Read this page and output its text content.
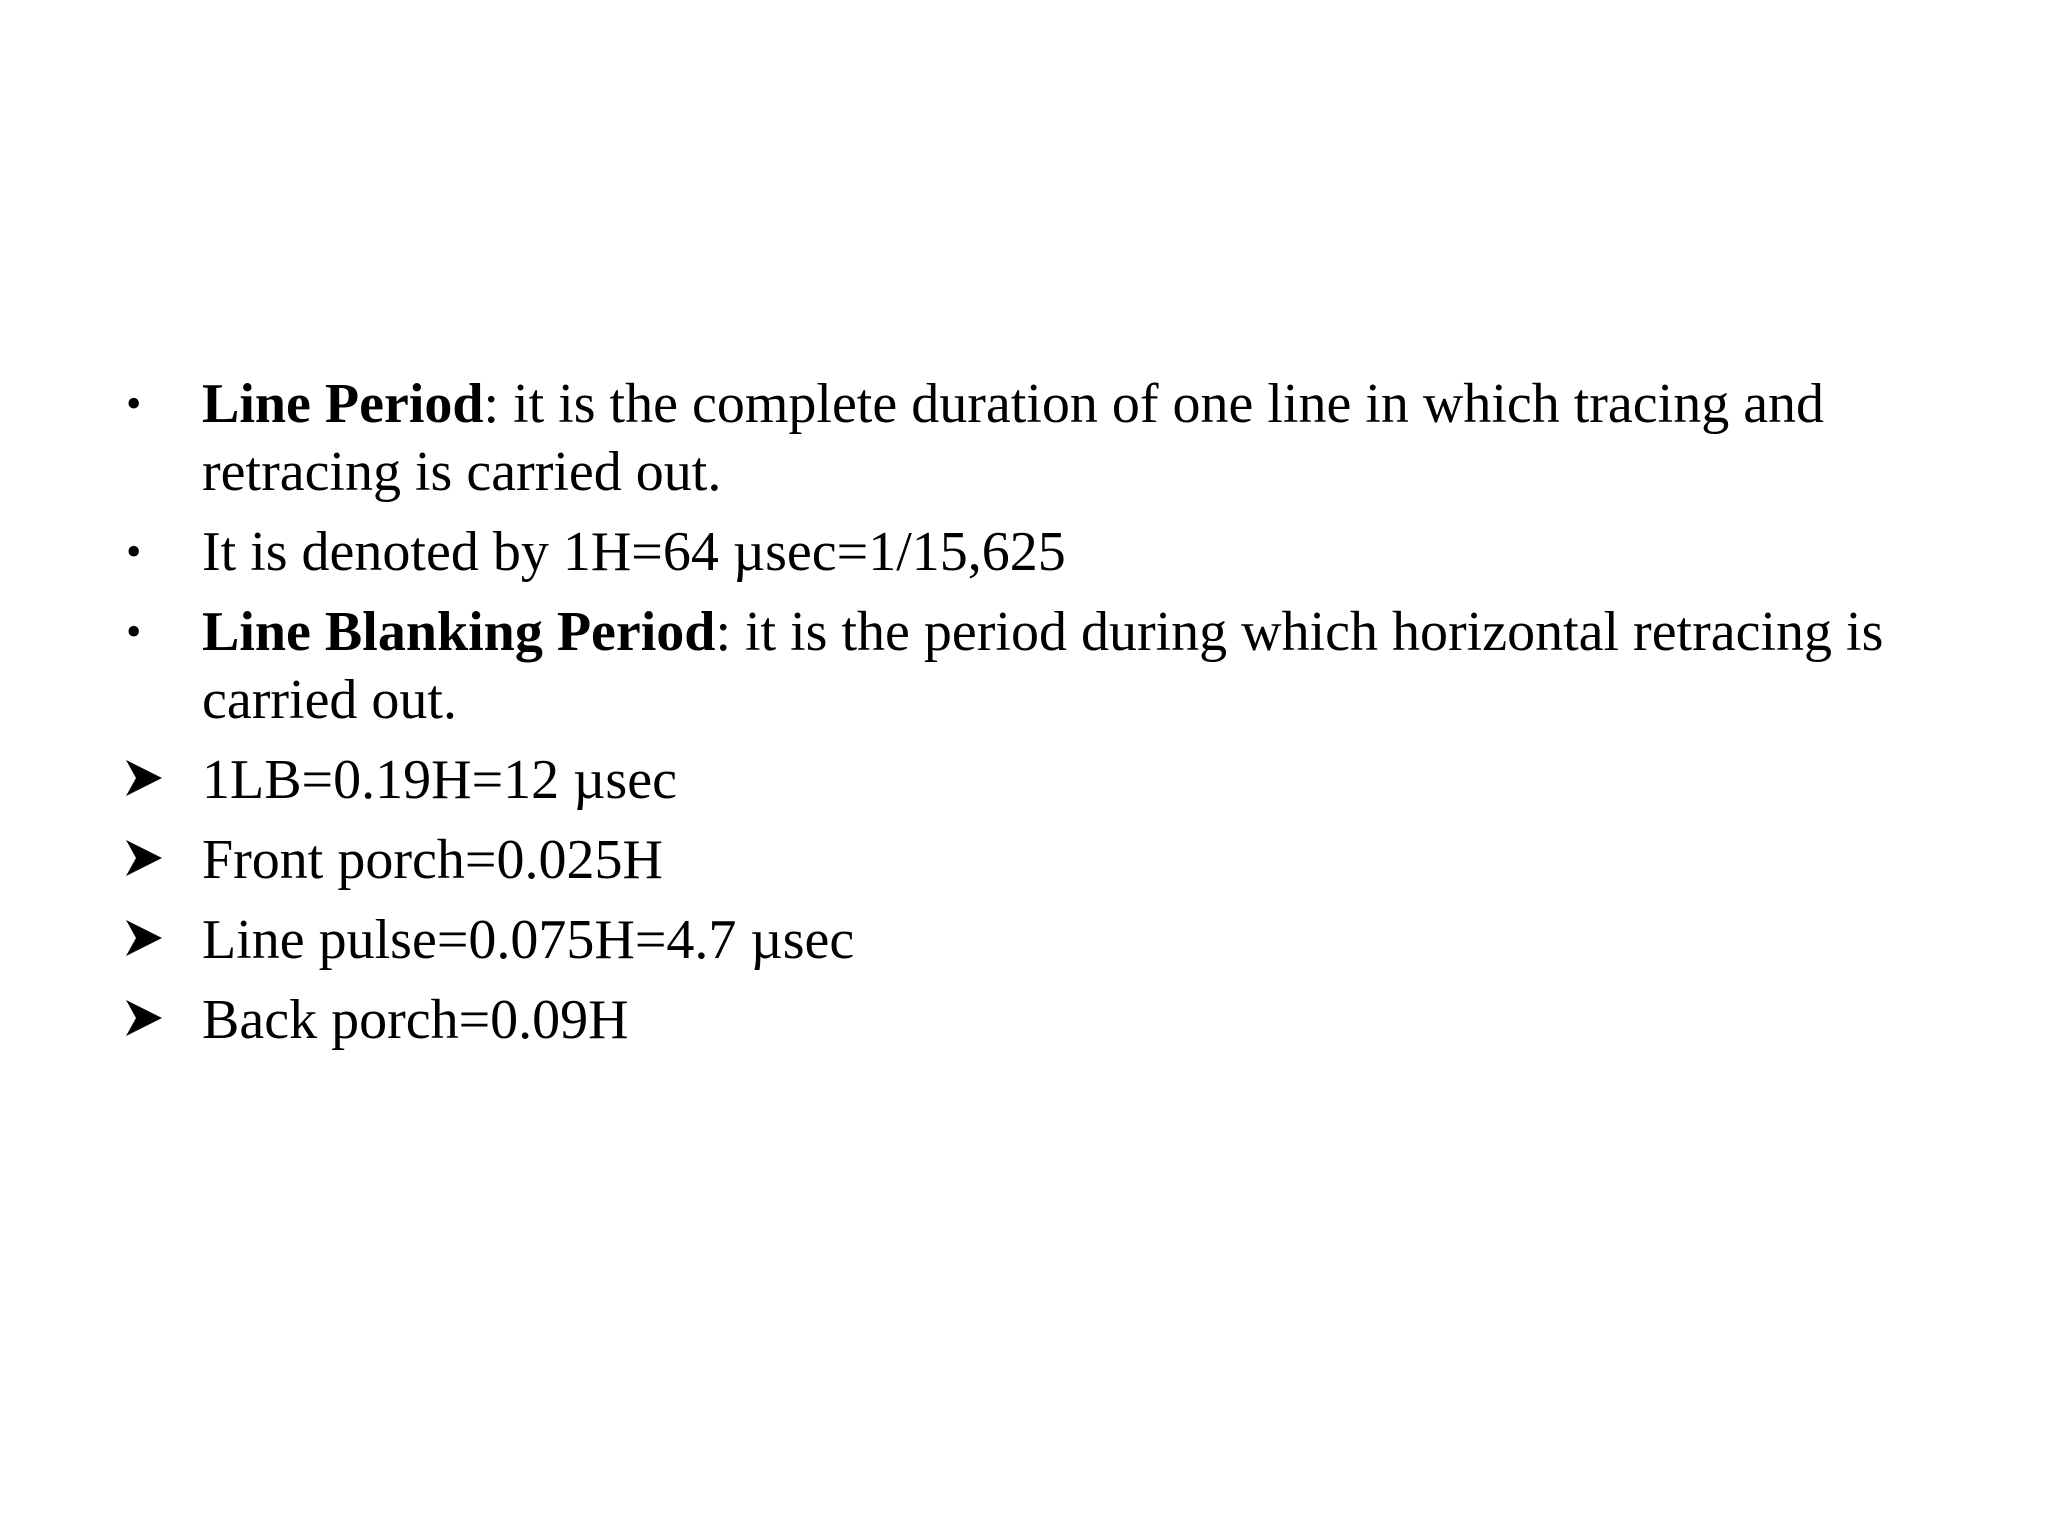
•	Line Period: it is the complete duration of one line in which tracing and retracing is carried out.
•	It is denoted by 1H=64 µsec=1/15,625
•	Line Blanking Period: it is the period during which horizontal retracing is carried out.
1LB=0.19H=12 µsec
Front porch=0.025H
Line pulse=0.075H=4.7 µsec
Back porch=0.09H
